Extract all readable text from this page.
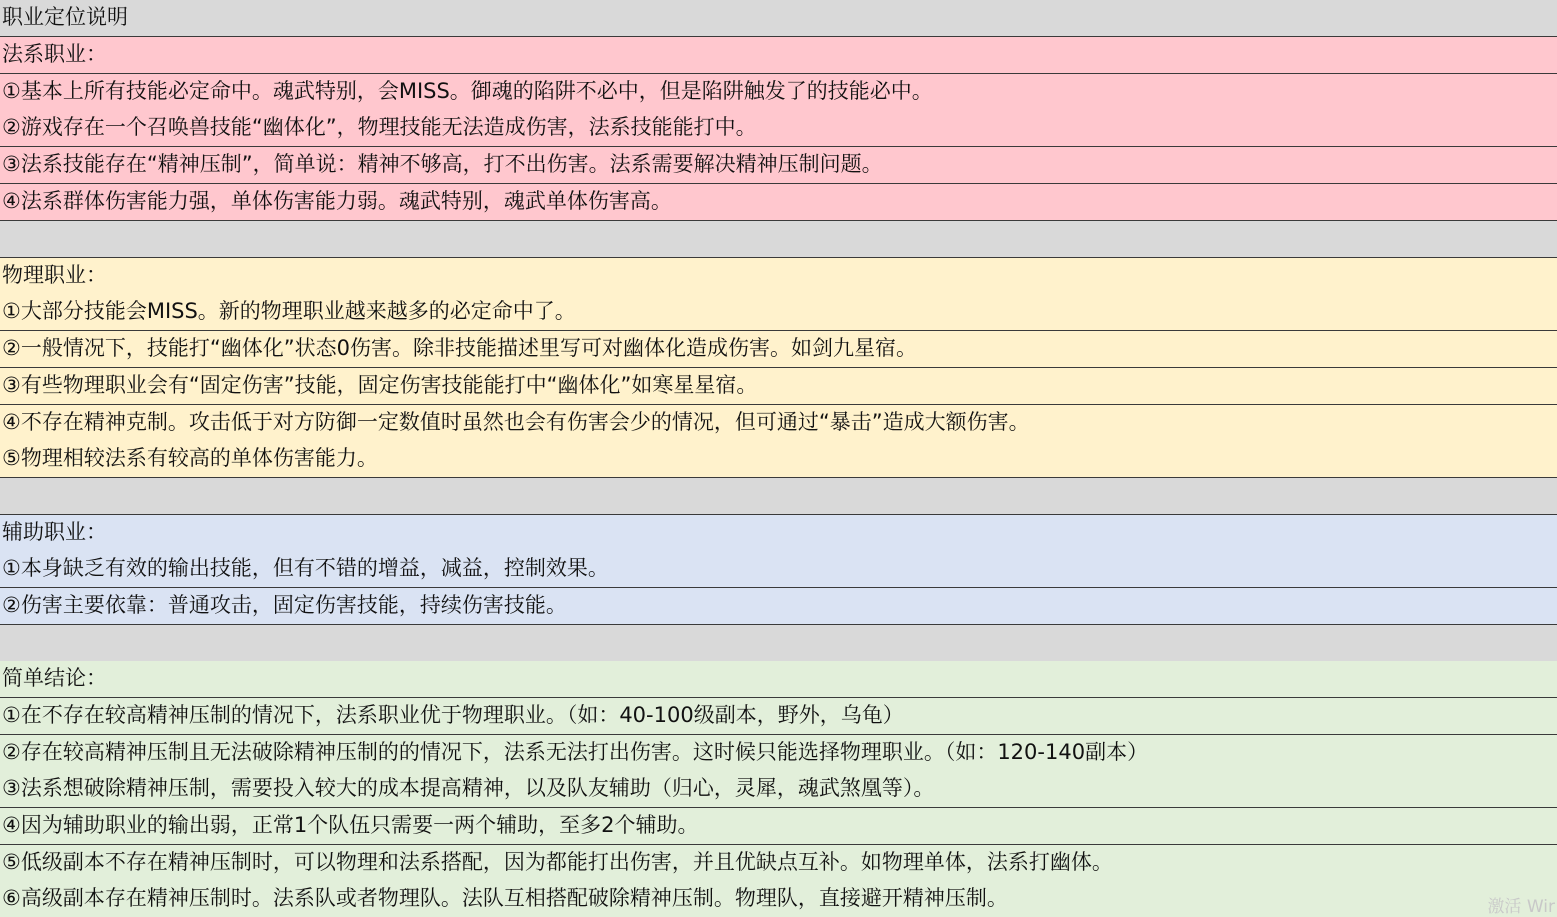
职业定位说明
法系职业：
①基本上所有技能必定命中。魂武特别，会MISS。御魂的陷阱不必中，但是陷阱触发了的技能必中。
②游戏存在一个召唤兽技能“幽体化”，物理技能无法造成伤害，法系技能能打中。
③法系技能存在“精神压制”，简单说：精神不够高，打不出伤害。法系需要解决精神压制问题。
④法系群体伤害能力强，单体伤害能力弱。魂武特别，魂武单体伤害高。
物理职业：
①大部分技能会MISS。新的物理职业越来越多的必定命中了。
②一般情况下，技能打“幽体化”状态0伤害。除非技能描述里写可对幽体化造成伤害。如剑九星宿。
③有些物理职业会有“固定伤害”技能，固定伤害技能能打中“幽体化”如寒星星宿。
④不存在精神克制。攻击低于对方防御一定数值时虽然也会有伤害会少的情况，但可通过“暴击”造成大额伤害。
⑤物理相较法系有较高的单体伤害能力。
辅助职业：
①本身缺乏有效的输出技能，但有不错的增益，减益，控制效果。
②伤害主要依靠：普通攻击，固定伤害技能，持续伤害技能。
简单结论：
①在不存在较高精神压制的情况下，法系职业优于物理职业。（如：40-100级副本，野外，乌龟）
②存在较高精神压制且无法破除精神压制的的情况下，法系无法打出伤害。这时候只能选择物理职业。（如：120-140副本）
③法系想破除精神压制，需要投入较大的成本提高精神，以及队友辅助（归心，灵犀，魂武煞凰等）。
④因为辅助职业的输出弱，正常1个队伍只需要一两个辅助，至多2个辅助。
⑤低级副本不存在精神压制时，可以物理和法系搭配，因为都能打出伤害，并且优缺点互补。如物理单体，法系打幽体。
⑥高级副本存在精神压制时。法系队或者物理队。法队互相搭配破除精神压制。物理队，直接避开精神压制。	激活 Wir
